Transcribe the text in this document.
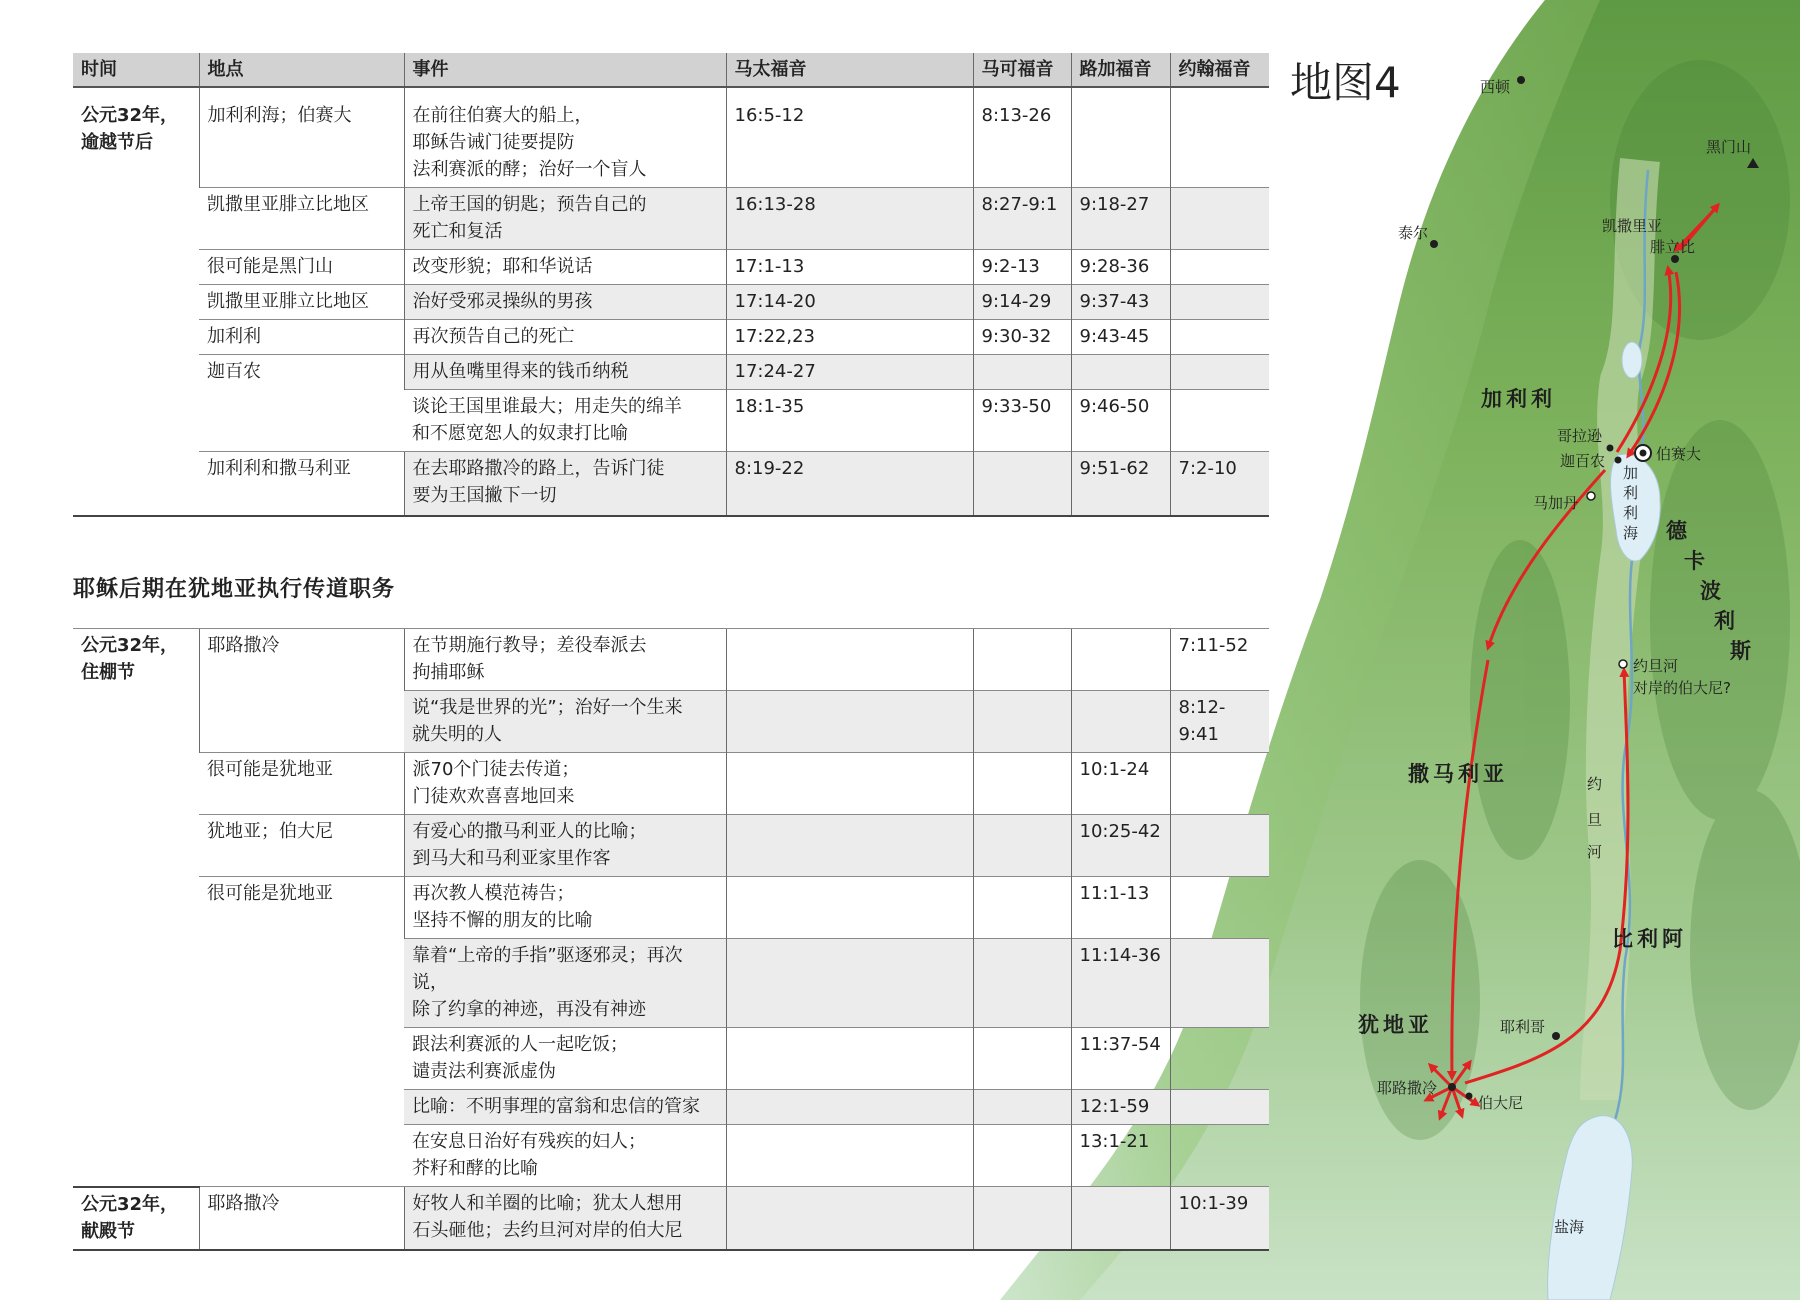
西顿
黑门山
泰尔	凯撒里亚
腓立比
加利利
哥拉逊
迦百农	伯赛大
马加丹
加
利
利
海 德
卡
波
利
斯
约旦河
对岸的伯大尼?
撒马利亚	约
旦
河
比利阿
犹地亚	耶利哥
耶路撒冷
伯大尼
盐海
地图4
时间	地点	事件	马太福音	马可福音	路加福音	约翰福音
公元32年，
逾越节后	加利利海；伯赛大	在前往伯赛大的船上，
耶稣告诫门徒要提防
法利赛派的酵；治好一个盲人	16:5-12	8:13-26		
	凯撒里亚腓立比地区	上帝王国的钥匙；预告自己的
死亡和复活	16:13-28	8:27-9:1	9:18-27	
	很可能是黑门山	改变形貌；耶和华说话	17:1-13	9:2-13	9:28-36	
	凯撒里亚腓立比地区	治好受邪灵操纵的男孩	17:14-20	9:14-29	9:37-43	
	加利利	再次预告自己的死亡	17:22,23	9:30-32	9:43-45	
	迦百农	用从鱼嘴里得来的钱币纳税	17:24-27			
		谈论王国里谁最大；用走失的绵羊
和不愿宽恕人的奴隶打比喻	18:1-35	9:33-50	9:46-50	
	加利利和撒马利亚	在去耶路撒冷的路上，告诉门徒
要为王国撇下一切	8:19-22		9:51-62	7:2-10
耶稣后期在犹地亚执行传道职务
公元32年，
住棚节	耶路撒冷	在节期施行教导；差役奉派去
拘捕耶稣				7:11-52
		说“我是世界的光”；治好一个生来
就失明的人				8:12-
9:41
	很可能是犹地亚	派70个门徒去传道；
门徒欢欢喜喜地回来			10:1-24	
	犹地亚；伯大尼	有爱心的撒马利亚人的比喻；
到马大和马利亚家里作客			10:25-42	
	很可能是犹地亚	再次教人模范祷告；
坚持不懈的朋友的比喻			11:1-13	
		靠着“上帝的手指”驱逐邪灵；再次说，
除了约拿的神迹，再没有神迹			11:14-36	
		跟法利赛派的人一起吃饭；
谴责法利赛派虚伪			11:37-54	
		比喻：不明事理的富翁和忠信的管家			12:1-59	
		在安息日治好有残疾的妇人；
芥籽和酵的比喻			13:1-21	
公元32年，
献殿节	耶路撒冷	好牧人和羊圈的比喻；犹太人想用
石头砸他；去约旦河对岸的伯大尼				10:1-39
